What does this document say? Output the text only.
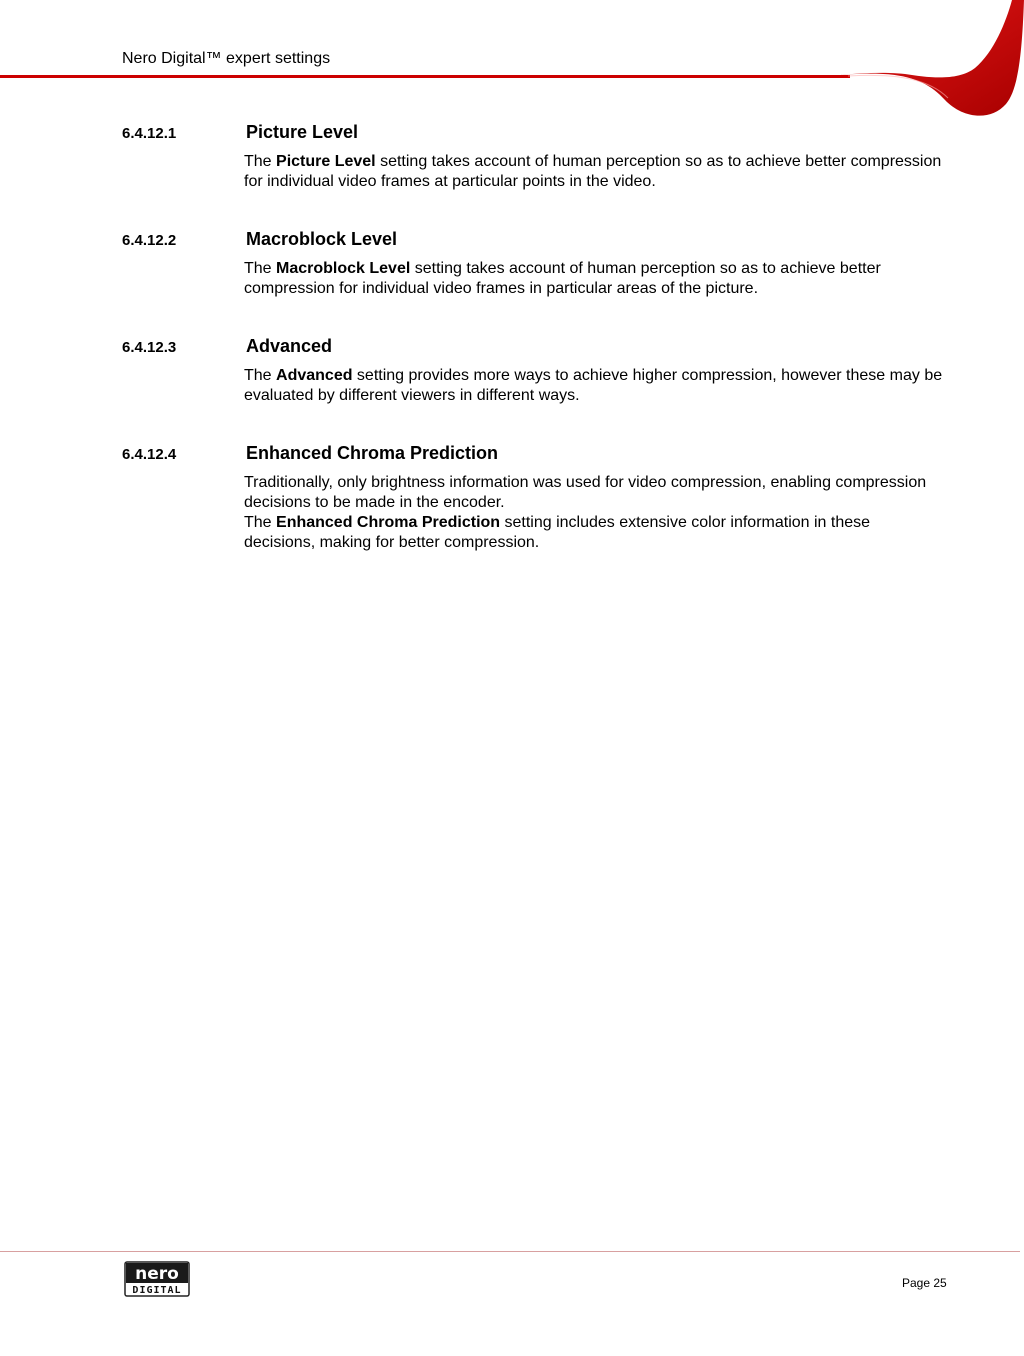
Nero Digital™ expert settings
6.4.12.1	Picture Level

The Picture Level setting takes account of human perception so as to achieve better compression for individual video frames at particular points in the video.

6.4.12.2	Macroblock Level

The Macroblock Level setting takes account of human perception so as to achieve better compression for individual video frames in particular areas of the picture.

6.4.12.3	Advanced

The Advanced setting provides more ways to achieve higher compression, however these may be evaluated by different viewers in different ways.

6.4.12.4	Enhanced Chroma Prediction

Traditionally, only brightness information was used for video compression, enabling compression decisions to be made in the encoder.

The Enhanced Chroma Prediction setting includes extensive color information in these decisions, making for better compression.

nero
DIGITAL
Page 25
